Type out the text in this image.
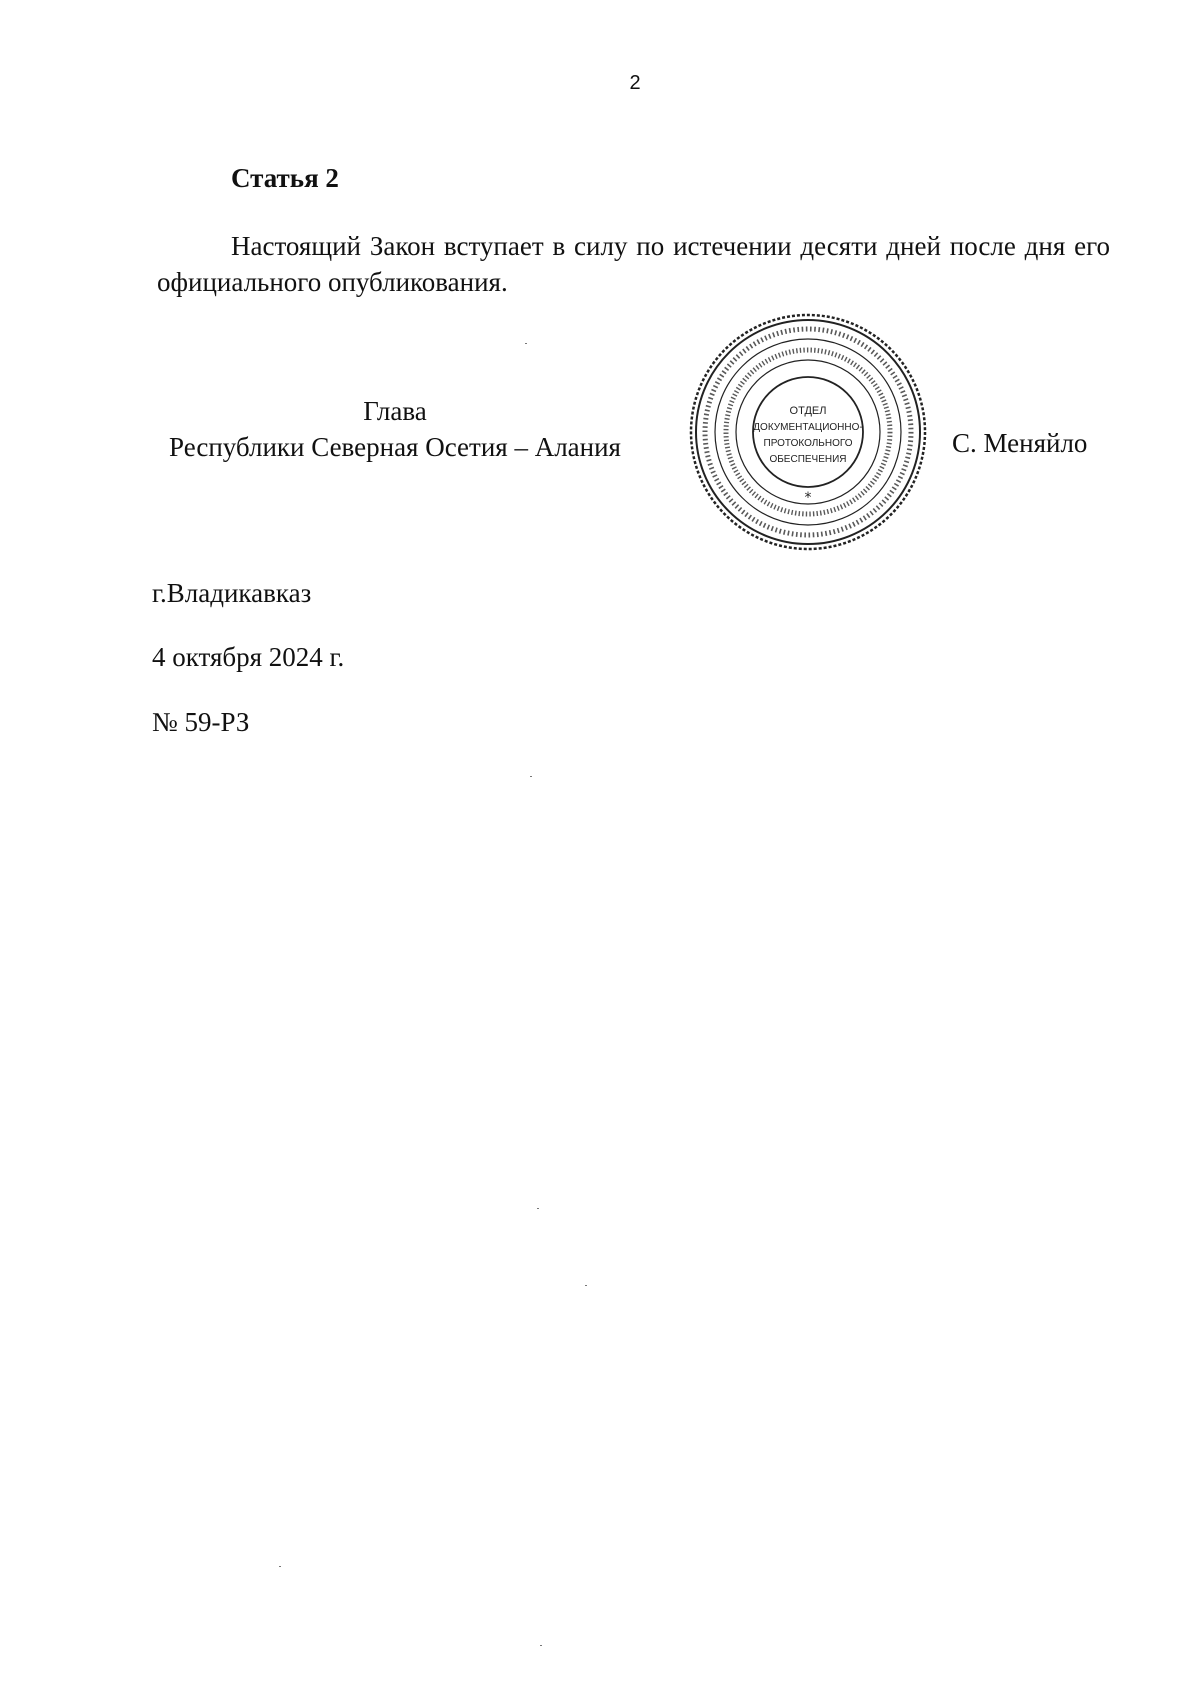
2
Статья 2
Настоящий Закон вступает в силу по истечении десяти дней после дня его официального опубликования.
Глава
Республики Северная Осетия – Алания
ОТДЕЛ
ДОКУМЕНТАЦИОННО-
ПРОТОКОЛЬНОГО
ОБЕСПЕЧЕНИЯ
*
С. Меняйло
г.Владикавказ
4 октября 2024 г.
№ 59-РЗ
